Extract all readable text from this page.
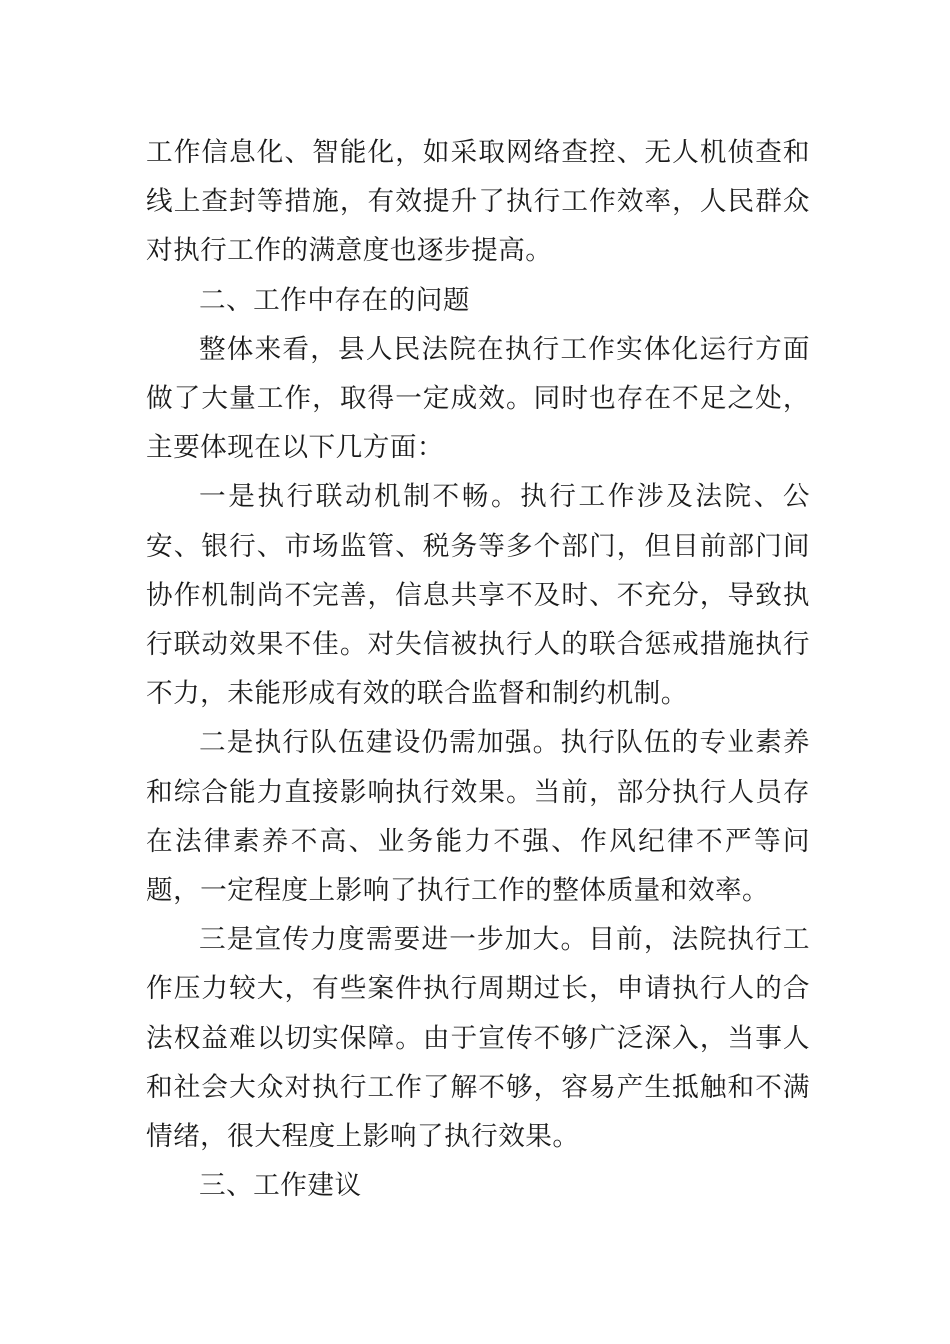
工作信息化、智能化，如采取网络查控、无人机侦查和线上查封等措施，有效提升了执行工作效率，人民群众对执行工作的满意度也逐步提高。

二、工作中存在的问题

整体来看，县人民法院在执行工作实体化运行方面做了大量工作，取得一定成效。同时也存在不足之处，主要体现在以下几方面：

一是执行联动机制不畅。执行工作涉及法院、公安、银行、市场监管、税务等多个部门，但目前部门间协作机制尚不完善，信息共享不及时、不充分，导致执行联动效果不佳。对失信被执行人的联合惩戒措施执行不力，未能形成有效的联合监督和制约机制。

二是执行队伍建设仍需加强。执行队伍的专业素养和综合能力直接影响执行效果。当前，部分执行人员存在法律素养不高、业务能力不强、作风纪律不严等问题，一定程度上影响了执行工作的整体质量和效率。

三是宣传力度需要进一步加大。目前，法院执行工作压力较大，有些案件执行周期过长，申请执行人的合法权益难以切实保障。由于宣传不够广泛深入，当事人和社会大众对执行工作了解不够，容易产生抵触和不满情绪，很大程度上影响了执行效果。

三、工作建议
